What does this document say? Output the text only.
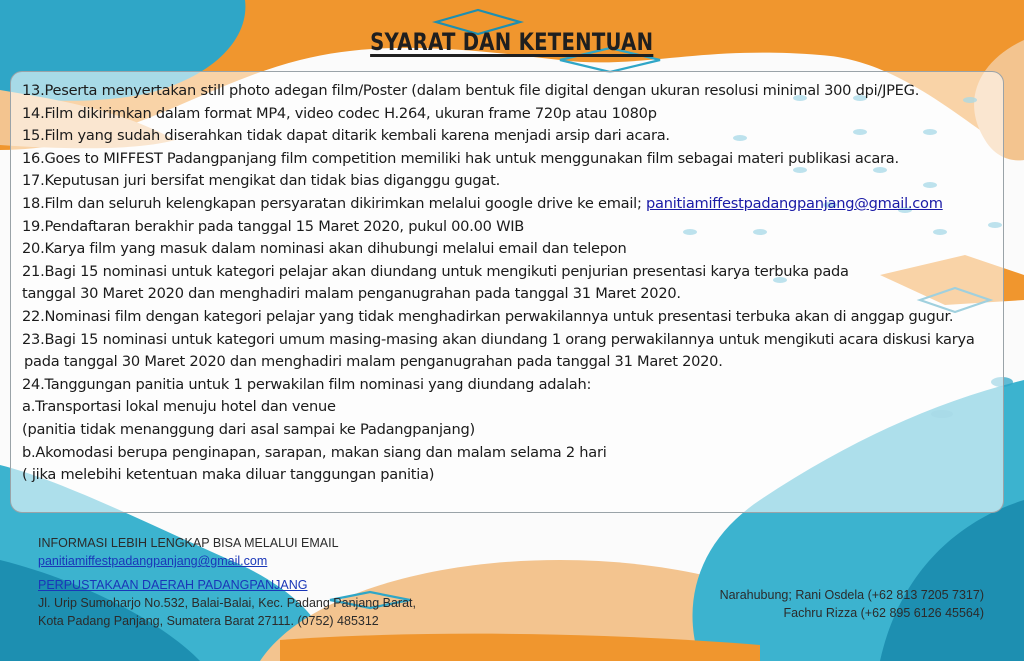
SYARAT DAN KETENTUAN
13.Peserta menyertakan still photo adegan film/Poster (dalam bentuk file digital dengan ukuran resolusi minimal 300 dpi/JPEG.
14.Film dikirimkan dalam format MP4, video codec H.264, ukuran frame 720p atau 1080p
15.Film yang sudah diserahkan tidak dapat ditarik kembali karena menjadi arsip dari acara.
16.Goes to MIFFEST Padangpanjang film competition memiliki hak untuk menggunakan film sebagai materi publikasi acara.
17.Keputusan juri bersifat mengikat dan tidak bias diganggu gugat.
18.Film dan seluruh kelengkapan persyaratan dikirimkan melalui google drive ke email; panitiamiffestpadangpanjang@gmail.com
19.Pendaftaran berakhir pada tanggal 15 Maret 2020, pukul 00.00 WIB
20.Karya film yang masuk dalam nominasi akan dihubungi melalui email dan telepon
21.Bagi 15 nominasi untuk kategori pelajar akan diundang untuk mengikuti penjurian presentasi karya terbuka pada
tanggal 30 Maret 2020 dan menghadiri malam penganugrahan pada tanggal 31 Maret 2020.
22.Nominasi film dengan kategori pelajar yang tidak menghadirkan perwakilannya untuk presentasi terbuka akan di anggap gugur.
23.Bagi 15 nominasi untuk kategori umum masing-masing akan diundang 1 orang perwakilannya untuk mengikuti acara diskusi karya
pada tanggal 30 Maret 2020 dan menghadiri malam penganugrahan pada tanggal 31 Maret 2020.
24.Tanggungan panitia untuk 1 perwakilan film nominasi yang diundang adalah:
a.Transportasi lokal menuju hotel dan venue
(panitia tidak menanggung dari asal sampai ke Padangpanjang)
b.Akomodasi berupa penginapan, sarapan, makan siang dan malam selama 2 hari
( jika melebihi ketentuan maka diluar tanggungan panitia)
INFORMASI LEBIH LENGKAP BISA MELALUI EMAIL
panitiamiffestpadangpanjang@gmail.com
PERPUSTAKAAN DAERAH PADANGPANJANG
Jl. Urip Sumoharjo No.532, Balai-Balai, Kec. Padang Panjang Barat,
Kota Padang Panjang, Sumatera Barat 27111. (0752) 485312
Narahubung; Rani Osdela (+62 813 7205 7317)
Fachru Rizza (+62 895 6126 45564)
